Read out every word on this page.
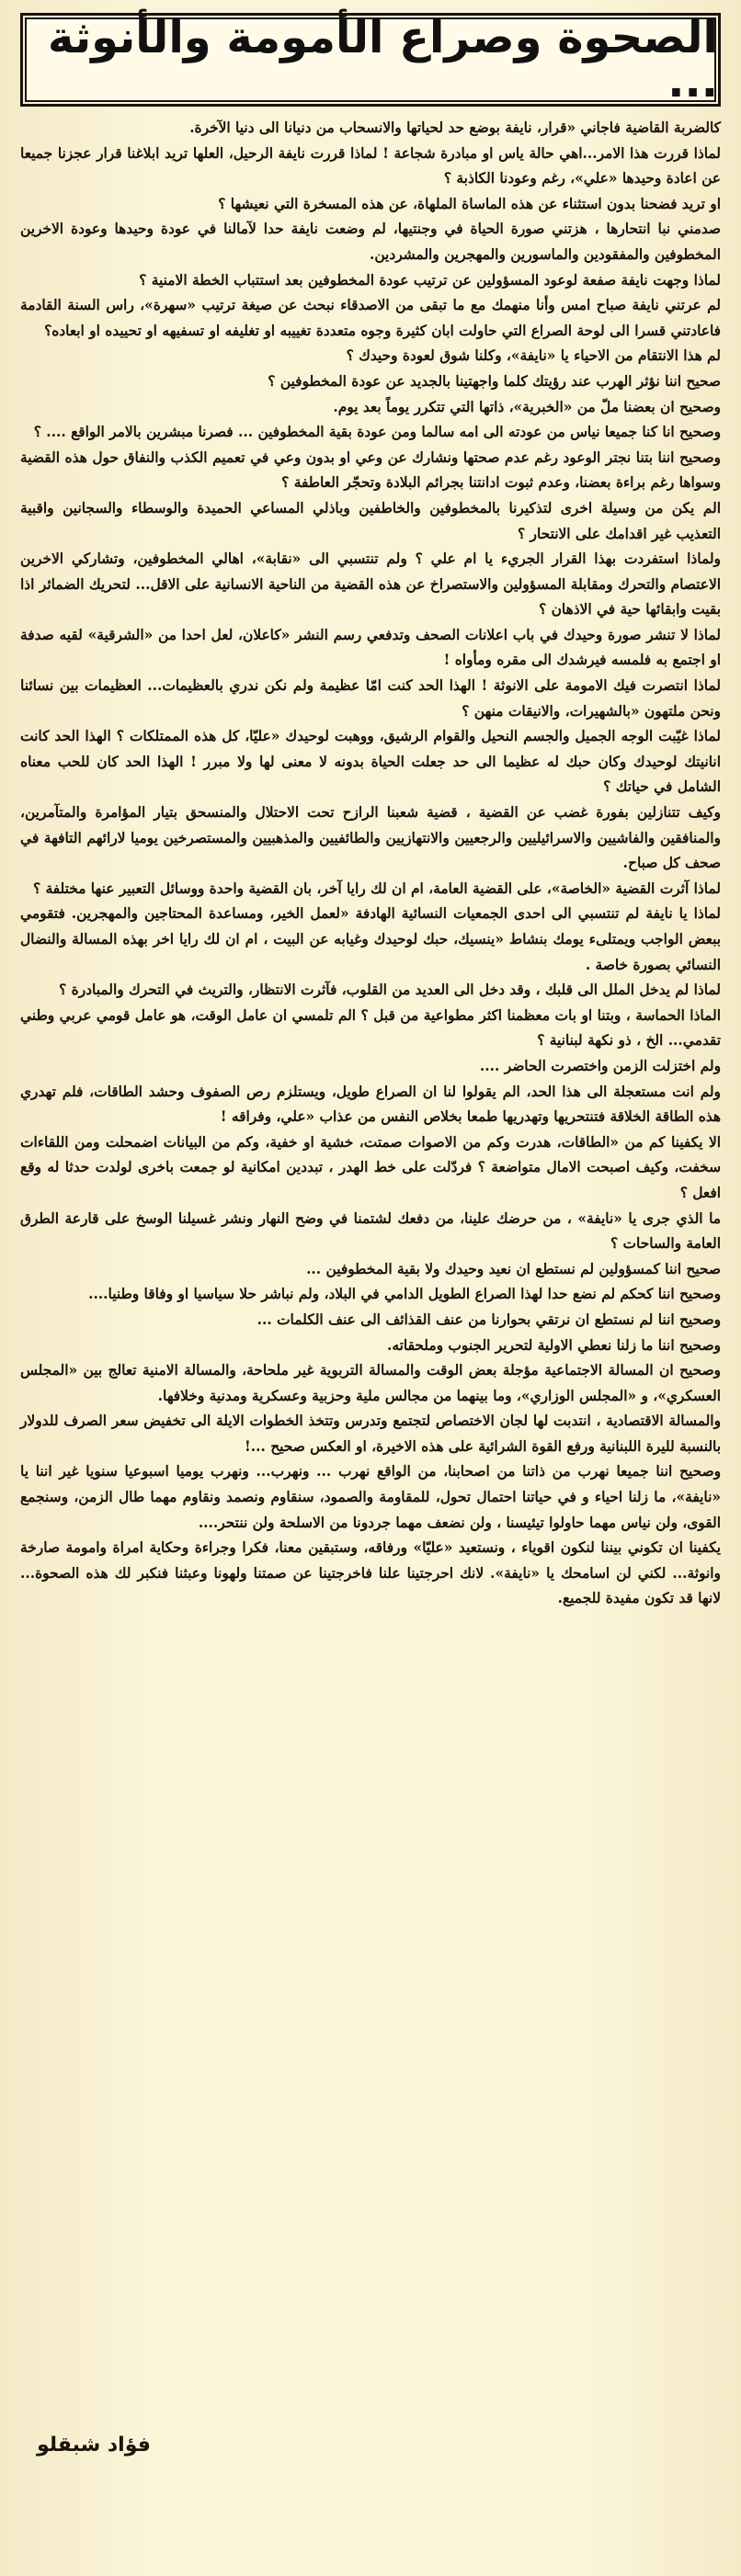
الصحوة وصراع الأمومة والأنوثة ...

كالضربة القاضية فاجاني «قرار، نايفة بوضع حد لحياتها والانسحاب من دنيانا الى دنيا الآخرة.

لماذا قررت هذا الامر...اهي حالة ياس او مبادرة شجاعة ! لماذا قررت نايفة الرحيل، العلها تريد ابلاغنا قرار عجزنا جميعا عن اعادة وحيدها «علي»، رغم وعودنا الكاذبة ؟

او تريد فضحنا بدون استثناء عن هذه الماساة الملهاة، عن هذه المسخرة التي نعيشها ؟

صدمني نبا انتحارها ، هزتني صورة الحياة في وجنتيها، لم وضعت نايفة حدا لآمالنا في عودة وحيدها وعودة الاخرين المخطوفين والمفقودين والماسورين والمهجرين والمشردين.

لماذا وجهت نايفة صفعة لوعود المسؤولين عن ترتيب عودة المخطوفين بعد استتباب الخطة الامنية ؟

لم عرتني نايفة صباح امس وأنا منهمك مع ما تبقى من الاصدقاء نبحث عن صيغة ترتيب «سهرة»، راس السنة القادمة فاعادتني قسرا الى لوحة الصراع التي حاولت ابان كثيرة وجوه متعددة تغييبه او تغليفه او تسفيهه او تحييده او ابعاده؟

لم هذا الانتقام من الاحياء يا «نايفة»، وكلنا شوق لعودة وحيدك ؟

صحيح اننا نؤثر الهرب عند رؤيتك كلما واجهتينا بالجديد عن عودة المخطوفين ؟

وصحيح ان بعضنا ملّ من «الخبرية»، ذاتها التي تتكرر يوماً بعد يوم.

وصحيح انا كنا جميعا نياس من عودته الى امه سالما ومن عودة بقية المخطوفين ... فصرنا مبشرين بالامر الواقع .... ؟

وصحيح اننا بتنا نجتر الوعود رغم عدم صحتها ونشارك عن وعي او بدون وعي في تعميم الكذب والنفاق حول هذه القضية وسواها رغم براءة بعضنا، وعدم ثبوت ادانتنا بجرائم البلادة وتحجّر العاطفة ؟

الم يكن من وسيلة اخرى لتذكيرنا بالمخطوفين والخاطفين وباذلي المساعي الحميدة والوسطاء والسجانين واقبية التعذيب غير اقدامك على الانتحار ؟

ولماذا استفردت بهذا القرار الجريء يا ام علي ؟ ولم تنتسبي الى «نقابة»، اهالي المخطوفين، وتشاركي الاخرين الاعتصام والتحرك ومقابلة المسؤولين والاستصراخ عن هذه القضية من الناحية الانسانية على الاقل... لتحريك الضمائر اذا بقيت وابقائها حية في الاذهان ؟

لماذا لا تنشر صورة وحيدك في باب اعلانات الصحف وتدفعي رسم النشر «كاعلان، لعل احدا من «الشرقية» لقيه صدفة او اجتمع به فلمسه فيرشدك الى مقره ومأواه !

لماذا انتصرت فيك الامومة على الانوثة ! الهذا الحد كنت امّا عظيمة ولم نكن ندري بالعظيمات... العظيمات بين نسائنا ونحن ملتهون «بالشهيرات، والانيقات منهن ؟

لماذا غيّبت الوجه الجميل والجسم النحيل والقوام الرشيق، ووهبت لوحيدك «عليّا، كل هذه الممتلكات ؟ الهذا الحد كانت انانيتك لوحيدك وكان حبك له عظيما الى حد جعلت الحياة بدونه لا معنى لها ولا مبرر ! الهذا الحد كان للحب معناه الشامل في حياتك ؟

وكيف تتنازلين بفورة غضب عن القضية ، قضية شعبنا الرازح تحت الاحتلال والمنسحق بتيار المؤامرة والمتآمرين، والمنافقين والفاشيين والاسرائيليين والرجعيين والانتهازيين والطائفيين والمذهبيين والمستصرخين يوميا لارائهم التافهة في صحف كل صباح.

لماذا آثرت القضية «الخاصة»، على القضية العامة، ام ان لك رايا آخر، بان القضية واحدة ووسائل التعبير عنها مختلفة ؟

لماذا يا نايفة لم تنتسبي الى احدى الجمعيات النسائية الهادفة «لعمل الخير، ومساعدة المحتاجين والمهجرين. فتقومي ببعض الواجب ويمتلىء يومك بنشاط «ينسيك، حبك لوحيدك وغيابه عن البيت ، ام ان لك رايا اخر بهذه المسالة والنضال النسائي بصورة خاصة .

لماذا لم يدخل الملل الى قلبك ، وقد دخل الى العديد من القلوب، فآثرت الانتظار، والتريث في التحرك والمبادرة ؟

الماذا الحماسة ، وبتنا او بات معظمنا اكثر مطواعية من قبل ؟ الم تلمسي ان عامل الوقت، هو عامل قومي عربي وطني تقدمي... الخ ، ذو نكهة لبنانية ؟

ولم اختزلت الزمن واختصرت الحاضر ....

ولم انت مستعجلة الى هذا الحد، الم يقولوا لنا ان الصراع طويل، ويستلزم رص الصفوف وحشد الطاقات، فلم تهدري هذه الطاقة الخلاقة فتنتحريها وتهدريها طمعا بخلاص النفس من عذاب «علي، وفراقه !

الا يكفينا كم من «الطاقات، هدرت وكم من الاصوات صمتت، خشية او خفية، وكم من البيانات اضمحلت ومن اللقاءات سخفت، وكيف اصبحت الامال متواضعة ؟ فردّلت على خط الهدر ، تبددين امكانية لو جمعت باخرى لولدت حدثا له وقع افعل ؟

ما الذي جرى يا «نايفة» ، من حرضك علينا، من دفعك لشتمنا في وضح النهار ونشر غسيلنا الوسخ على قارعة الطرق العامة والساحات ؟

صحيح اننا كمسؤولين لم نستطع ان نعيد وحيدك ولا بقية المخطوفين ...

وصحيح اننا كحكم لم نضع حدا لهذا الصراع الطويل الدامي في البلاد، ولم نباشر حلا سياسيا او وفاقا وطنيا....

وصحيح اننا لم نستطع ان نرتقي بحوارنا من عنف القذائف الى عنف الكلمات ...

وصحيح اننا ما زلنا نعطي الاولية لتحرير الجنوب وملحقاته.

وصحيح ان المسالة الاجتماعية مؤجلة بعض الوقت والمسالة التربوية غير ملحاحة، والمسالة الامنية تعالج بين «المجلس العسكري»، و «المجلس الوزاري»، وما بينهما من مجالس ملية وحزبية وعسكرية ومدنية وخلافها.

والمسالة الاقتصادية ، انتدبت لها لجان الاختصاص لتجتمع وتدرس وتتخذ الخطوات الايلة الى تخفيض سعر الصرف للدولار بالنسبة لليرة اللبنانية ورفع القوة الشرائية على هذه الاخيرة، او العكس صحيح ...!

وصحيح اننا جميعا نهرب من ذاتنا من اصحابنا، من الواقع نهرب ... ونهرب... ونهرب يوميا اسبوعيا سنويا غير اننا يا «نايفة»، ما زلنا احياء و في حياتنا احتمال تحول، للمقاومة والصمود، سنقاوم ونصمد ونقاوم مهما طال الزمن، وسنجمع القوى، ولن نياس مهما حاولوا تيئيسنا ، ولن نضعف مهما جردونا من الاسلحة ولن ننتحر....

يكفينا ان تكوني بيننا لنكون اقوياء ، ونستعيد «عليّا» ورفاقه، وستبقين معنا، فكرا وجراءة وحكاية امراة وامومة صارخة وانوثة... لكني لن اسامحك يا «نايفة». لانك احرجتينا علنا فاخرجتينا عن صمتنا ولهونا وعبثنا فنكبر لك هذه الصحوة... لانها قد تكون مفيدة للجميع.

فؤاد شبقلو
